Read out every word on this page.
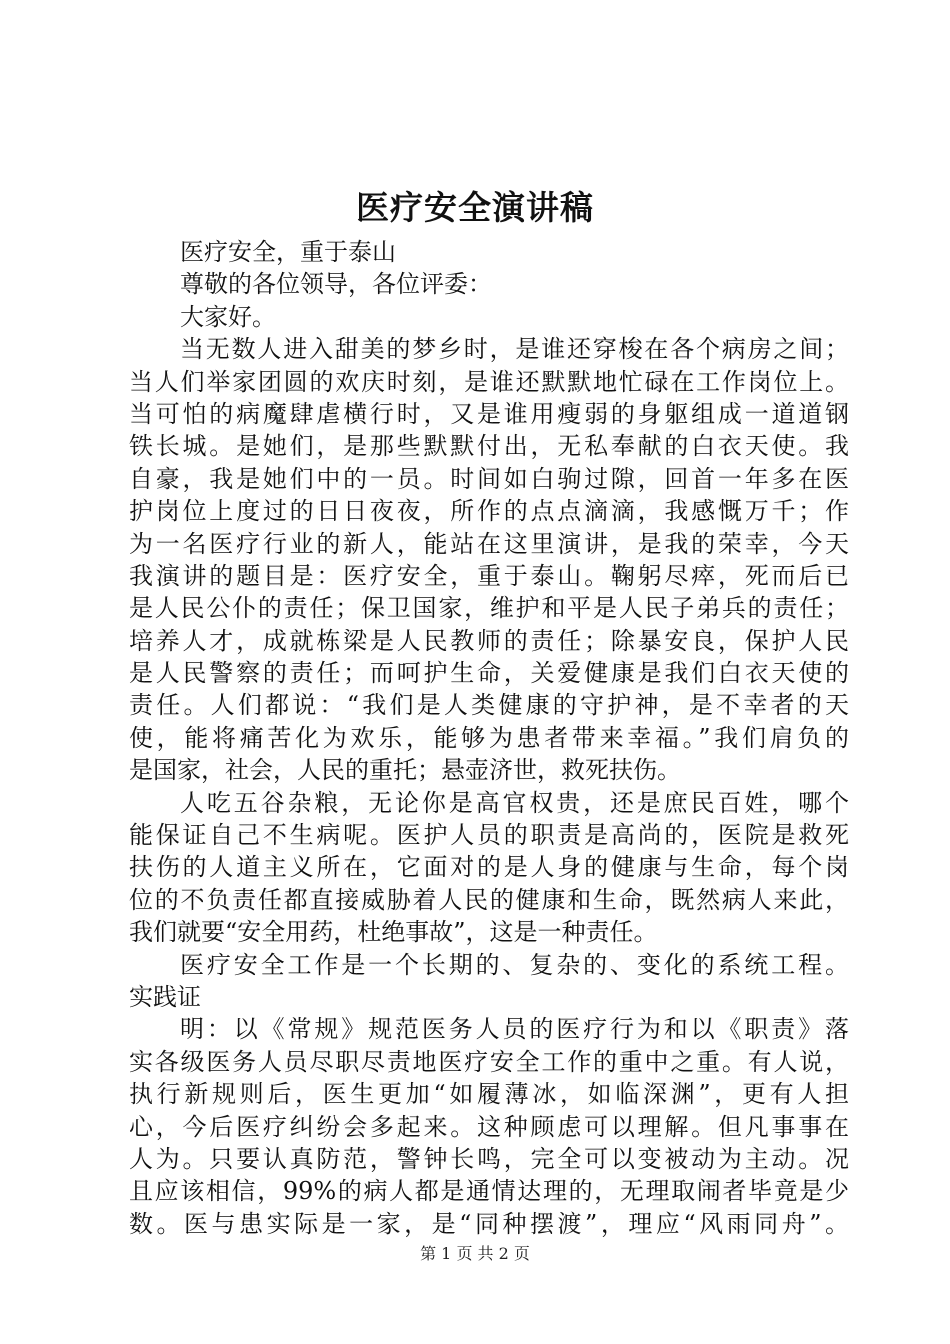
医疗安全演讲稿
医疗安全，重于泰山
尊敬的各位领导，各位评委：
大家好。
当无数人进入甜美的梦乡时，是谁还穿梭在各个病房之间；
当人们举家团圆的欢庆时刻，是谁还默默地忙碌在工作岗位上。
当可怕的病魔肆虐横行时，又是谁用瘦弱的身躯组成一道道钢
铁长城。是她们，是那些默默付出，无私奉献的白衣天使。我
自豪，我是她们中的一员。时间如白驹过隙，回首一年多在医
护岗位上度过的日日夜夜，所作的点点滴滴，我感慨万千；作
为一名医疗行业的新人，能站在这里演讲，是我的荣幸，今天
我演讲的题目是：医疗安全，重于泰山。鞠躬尽瘁，死而后已
是人民公仆的责任；保卫国家，维护和平是人民子弟兵的责任；
培养人才，成就栋梁是人民教师的责任；除暴安良，保护人民
是人民警察的责任；而呵护生命，关爱健康是我们白衣天使的
责任。人们都说：“我们是人类健康的守护神，是不幸者的天
使，能将痛苦化为欢乐，能够为患者带来幸福。”我们肩负的
是国家，社会，人民的重托；悬壶济世，救死扶伤。
人吃五谷杂粮，无论你是高官权贵，还是庶民百姓，哪个
能保证自己不生病呢。医护人员的职责是高尚的，医院是救死
扶伤的人道主义所在，它面对的是人身的健康与生命，每个岗
位的不负责任都直接威胁着人民的健康和生命，既然病人来此，
我们就要“安全用药，杜绝事故”，这是一种责任。
医疗安全工作是一个长期的、复杂的、变化的系统工程。
实践证
明：以《常规》规范医务人员的医疗行为和以《职责》落
实各级医务人员尽职尽责地医疗安全工作的重中之重。有人说，
执行新规则后，医生更加“如履薄冰，如临深渊”，更有人担
心，今后医疗纠纷会多起来。这种顾虑可以理解。但凡事事在
人为。只要认真防范，警钟长鸣，完全可以变被动为主动。况
且应该相信，99%的病人都是通情达理的，无理取闹者毕竟是少
数。医与患实际是一家，是“同种摆渡”，理应“风雨同舟”。
第 1 页 共 2 页
